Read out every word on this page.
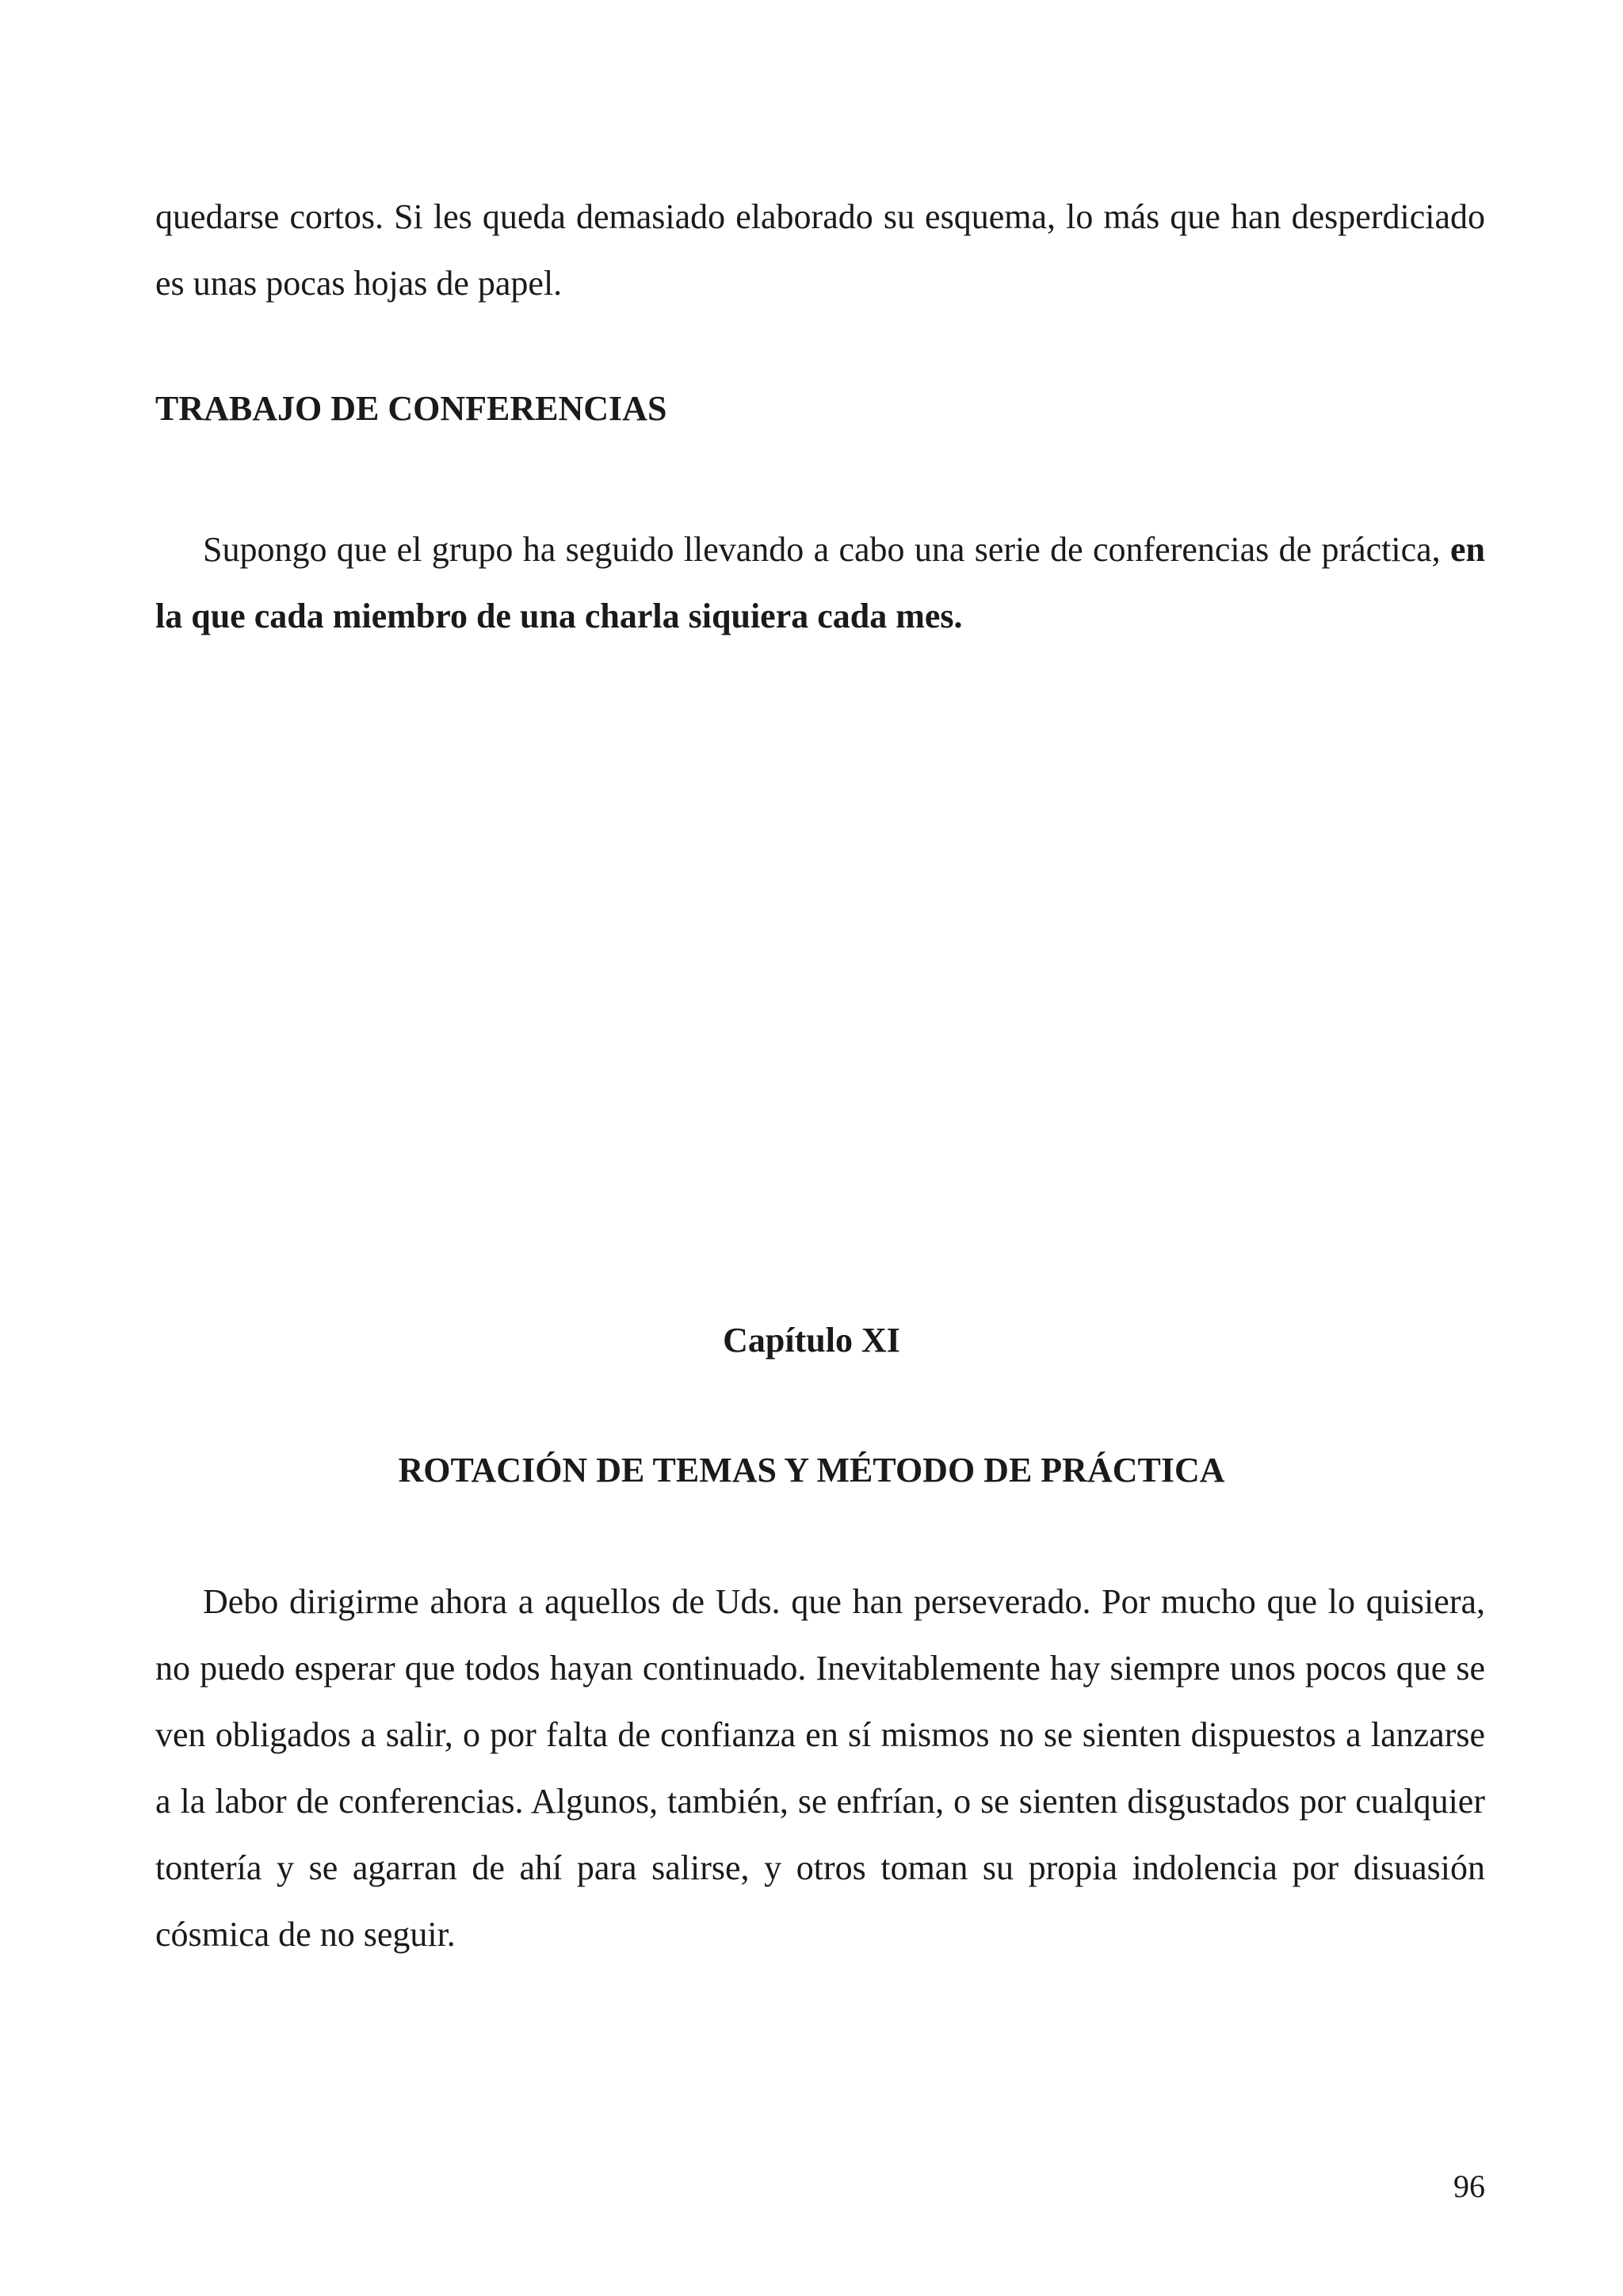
quedarse cortos. Si les queda demasiado elaborado su esquema, lo más que han desperdiciado es unas pocas hojas de papel.

TRABAJO DE CONFERENCIAS

Supongo que el grupo ha seguido llevando a cabo una serie de conferencias de práctica, en la que cada miembro de una charla siquiera cada mes.

Capítulo XI
ROTACIÓN DE TEMAS Y MÉTODO DE PRÁCTICA

Debo dirigirme ahora a aquellos de Uds. que han perseverado. Por mucho que lo quisiera, no puedo esperar que todos hayan continuado. Inevitablemente hay siempre unos pocos que se ven obligados a salir, o por falta de confianza en sí mismos no se sienten dispuestos a lanzarse a la labor de conferencias. Algunos, también, se enfrían, o se sienten disgustados por cualquier tontería y se agarran de ahí para salirse, y otros toman su propia indolencia por disuasión cósmica de no seguir.

96
